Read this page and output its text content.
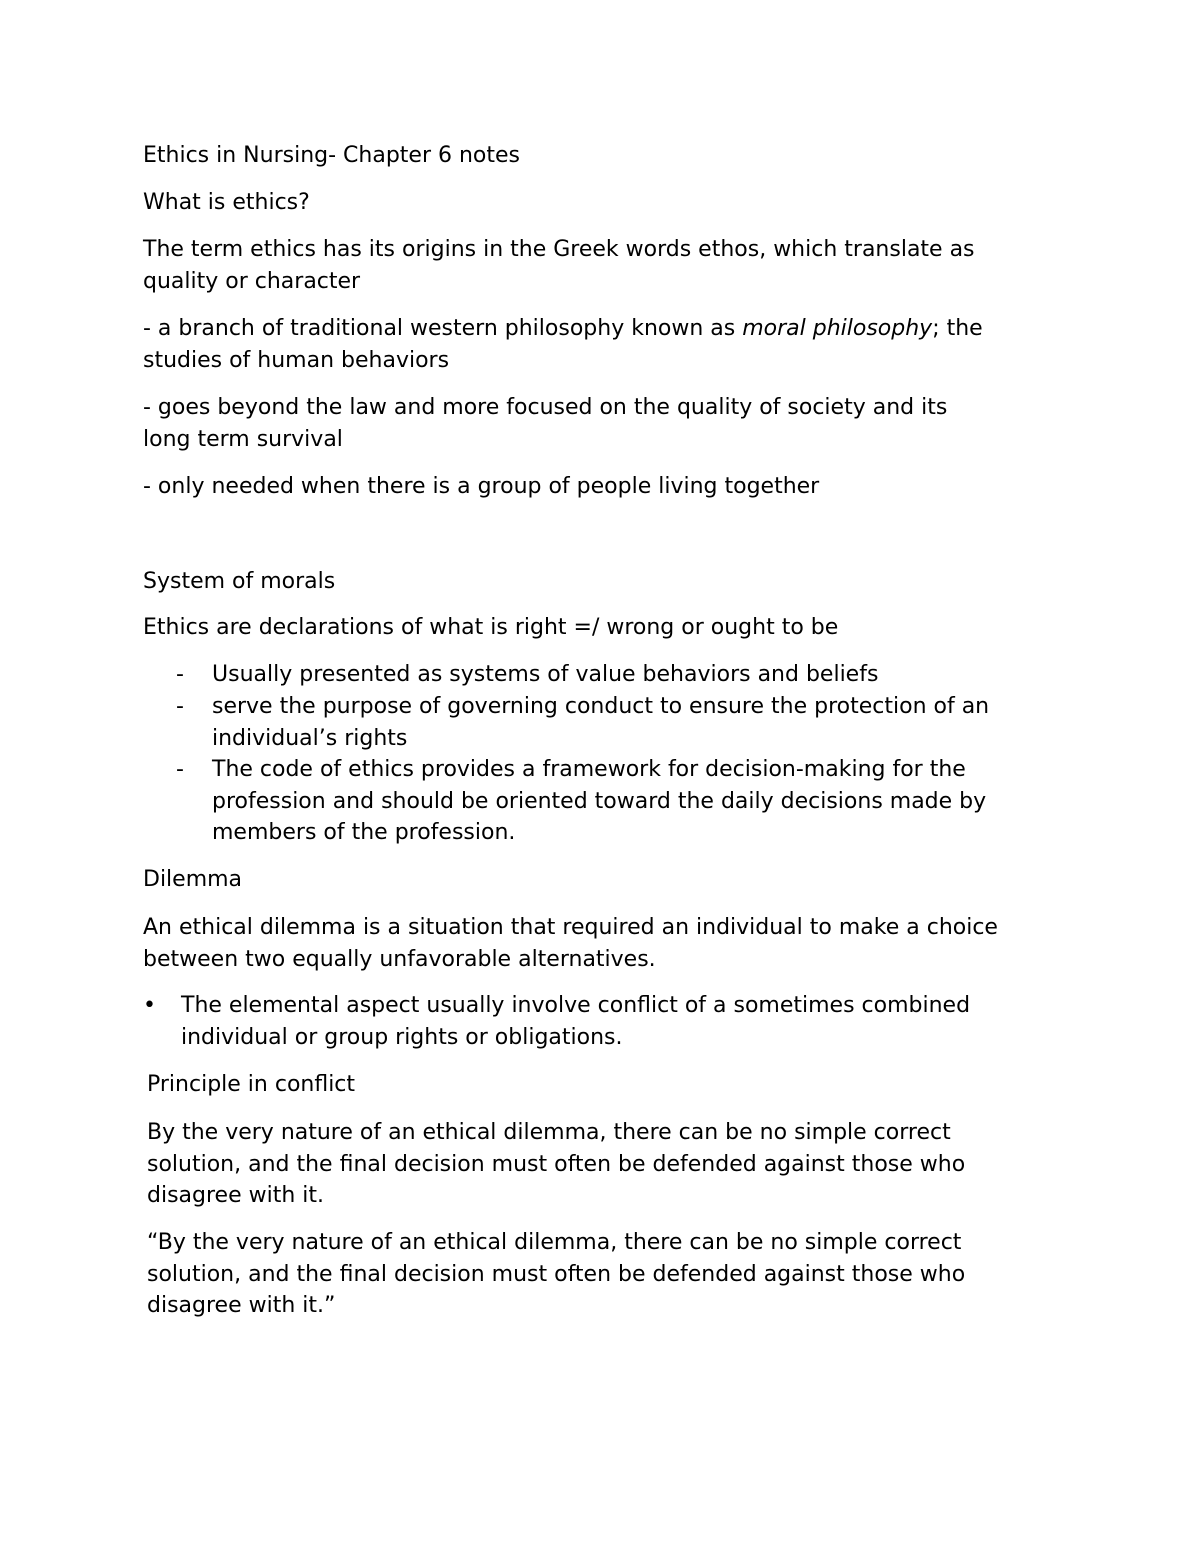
Ethics in Nursing- Chapter 6 notes

What is ethics?

The term ethics has its origins in the Greek words ethos, which translate as

quality or character

- a branch of traditional western philosophy known as moral philosophy; the

studies of human behaviors

- goes beyond the law and more focused on the quality of society and its

long term survival

- only needed when there is a group of people living together

System of morals

Ethics are declarations of what is right =/ wrong or ought to be

- Usually presented as systems of value behaviors and beliefs
- serve the purpose of governing conduct to ensure the protection of an
individual’s rights
- The code of ethics provides a framework for decision-making for the
profession and should be oriented toward the daily decisions made by
members of the profession.

Dilemma

An ethical dilemma is a situation that required an individual to make a choice

between two equally unfavorable alternatives.

• The elemental aspect usually involve conflict of a sometimes combined
individual or group rights or obligations.

Principle in conflict

By the very nature of an ethical dilemma, there can be no simple correct

solution, and the final decision must often be defended against those who

disagree with it.

“By the very nature of an ethical dilemma, there can be no simple correct

solution, and the final decision must often be defended against those who

disagree with it.”
